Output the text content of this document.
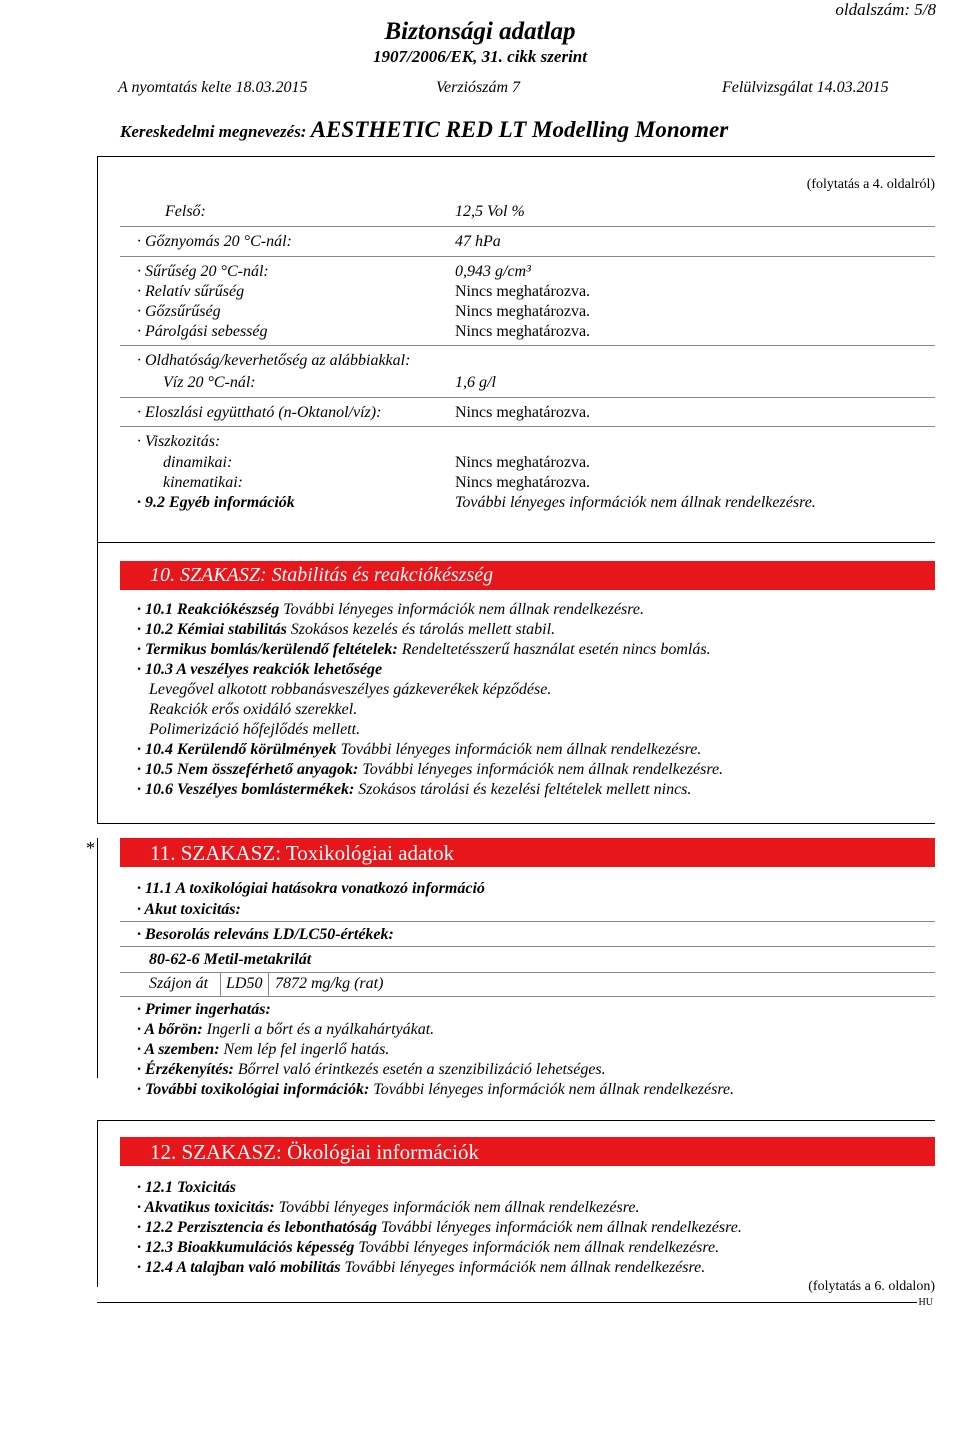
oldalszám: 5/8
Biztonsági adatlap
1907/2006/EK, 31. cikk szerint
A nyomtatás kelte 18.03.2015	Verziószám 7	Felülvizsgálat 14.03.2015
Kereskedelmi megnevezés: AESTHETIC RED LT Modelling Monomer
(folytatás a 4. oldalról)
Felső:	12,5 Vol %
· Gőznyomás 20 °C-nál:	47 hPa
· Sűrűség 20 °C-nál:	0,943 g/cm³
· Relatív sűrűség	Nincs meghatározva.
· Gőzsűrűség	Nincs meghatározva.
· Párolgási sebesség	Nincs meghatározva.
· Oldhatóság/keverhetőség az alábbiakkal:
Víz 20 °C-nál:	1,6 g/l
· Eloszlási együttható (n-Oktanol/víz):	Nincs meghatározva.
· Viszkozitás:
dinamikai:	Nincs meghatározva.
kinematikai:	Nincs meghatározva.
· 9.2 Egyéb információk	További lényeges információk nem állnak rendelkezésre.
10. SZAKASZ: Stabilitás és reakciókészség
· 10.1 Reakciókészség További lényeges információk nem állnak rendelkezésre.
· 10.2 Kémiai stabilitás Szokásos kezelés és tárolás mellett stabil.
· Termikus bomlás/kerülendő feltételek: Rendeltetésszerű használat esetén nincs bomlás.
· 10.3 A veszélyes reakciók lehetősége
Levegővel alkotott robbanásveszélyes gázkeverékek képződése.
Reakciók erős oxidáló szerekkel.
Polimerizáció hőfejlődés mellett.
· 10.4 Kerülendő körülmények További lényeges információk nem állnak rendelkezésre.
· 10.5 Nem összeférhető anyagok: További lényeges információk nem állnak rendelkezésre.
· 10.6 Veszélyes bomlástermékek: Szokásos tárolási és kezelési feltételek mellett nincs.
*	11. SZAKASZ: Toxikológiai adatok
· 11.1 A toxikológiai hatásokra vonatkozó információ
· Akut toxicitás:
· Besorolás releváns LD/LC50-értékek:
80-62-6 Metil-metakrilát
Szájon át LD50 7872 mg/kg (rat)
· Primer ingerhatás:
· A bőrön: Ingerli a bőrt és a nyálkahártyákat.
· A szemben: Nem lép fel ingerlő hatás.
· Érzékenyítés: Bőrrel való érintkezés esetén a szenzibilizáció lehetséges.
· További toxikológiai információk: További lényeges információk nem állnak rendelkezésre.
12. SZAKASZ: Ökológiai információk
· 12.1 Toxicitás
· Akvatikus toxicitás: További lényeges információk nem állnak rendelkezésre.
· 12.2 Perzisztencia és lebonthatóság További lényeges információk nem állnak rendelkezésre.
· 12.3 Bioakkumulációs képesség További lényeges információk nem állnak rendelkezésre.
· 12.4 A talajban való mobilitás További lényeges információk nem állnak rendelkezésre.
(folytatás a 6. oldalon)
HU
